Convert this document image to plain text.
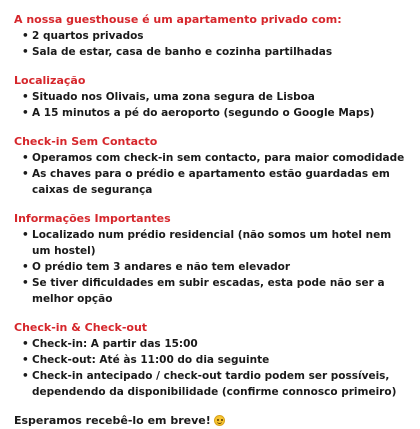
A nossa guesthouse é um apartamento privado com:

• 2 quartos privados
• Sala de estar, casa de banho e cozinha partilhadas

Localização

• Situado nos Olivais, uma zona segura de Lisboa
• A 15 minutos a pé do aeroporto (segundo o Google Maps)

Check-in Sem Contacto

• Operamos com check-in sem contacto, para maior comodidade
• As chaves para o prédio e apartamento estão guardadas em caixas de segurança

Informações Importantes

• Localizado num prédio residencial (não somos um hotel nem um hostel)
• O prédio tem 3 andares e não tem elevador
• Se tiver dificuldades em subir escadas, esta pode não ser a melhor opção

Check-in & Check-out

• Check-in: A partir das 15:00
• Check-out: Até às 11:00 do dia seguinte
• Check-in antecipado / check-out tardio podem ser possíveis, dependendo da disponibilidade (confirme connosco primeiro)

Esperamos recebê-lo em breve!
